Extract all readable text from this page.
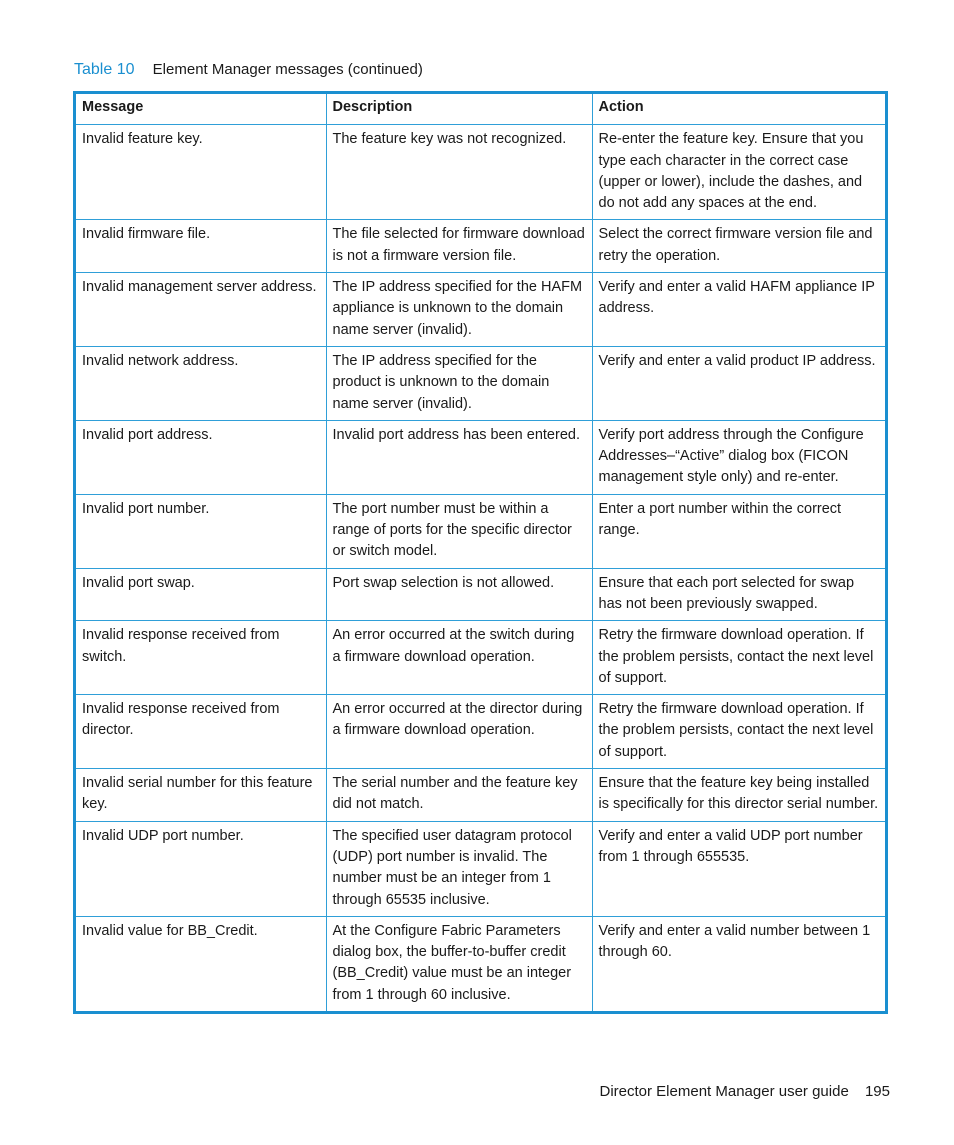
Table 10 Element Manager messages (continued)
Message	Description	Action
Invalid feature key.	The feature key was not recognized.	Re-enter the feature key. Ensure that you type each character in the correct case (upper or lower), include the dashes, and do not add any spaces at the end.
Invalid firmware file.	The file selected for firmware download is not a firmware version file.	Select the correct firmware version file and retry the operation.
Invalid management server address.	The IP address specified for the HAFM appliance is unknown to the domain name server (invalid).	Verify and enter a valid HAFM appliance IP address.
Invalid network address.	The IP address specified for the product is unknown to the domain name server (invalid).	Verify and enter a valid product IP address.
Invalid port address.	Invalid port address has been entered.	Verify port address through the Configure Addresses–“Active” dialog box (FICON management style only) and re-enter.
Invalid port number.	The port number must be within a range of ports for the specific director or switch model.	Enter a port number within the correct range.
Invalid port swap.	Port swap selection is not allowed.	Ensure that each port selected for swap has not been previously swapped.
Invalid response received from switch.	An error occurred at the switch during a firmware download operation.	Retry the firmware download operation. If the problem persists, contact the next level of support.
Invalid response received from director.	An error occurred at the director during a firmware download operation.	Retry the firmware download operation. If the problem persists, contact the next level of support.
Invalid serial number for this feature key.	The serial number and the feature key did not match.	Ensure that the feature key being installed is specifically for this director serial number.
Invalid UDP port number.	The specified user datagram protocol (UDP) port number is invalid. The number must be an integer from 1 through 65535 inclusive.	Verify and enter a valid UDP port number from 1 through 655535.
Invalid value for BB_Credit.	At the Configure Fabric Parameters dialog box, the buffer-to-buffer credit (BB_Credit) value must be an integer from 1 through 60 inclusive.	Verify and enter a valid number between 1 through 60.
Director Element Manager user guide 195
